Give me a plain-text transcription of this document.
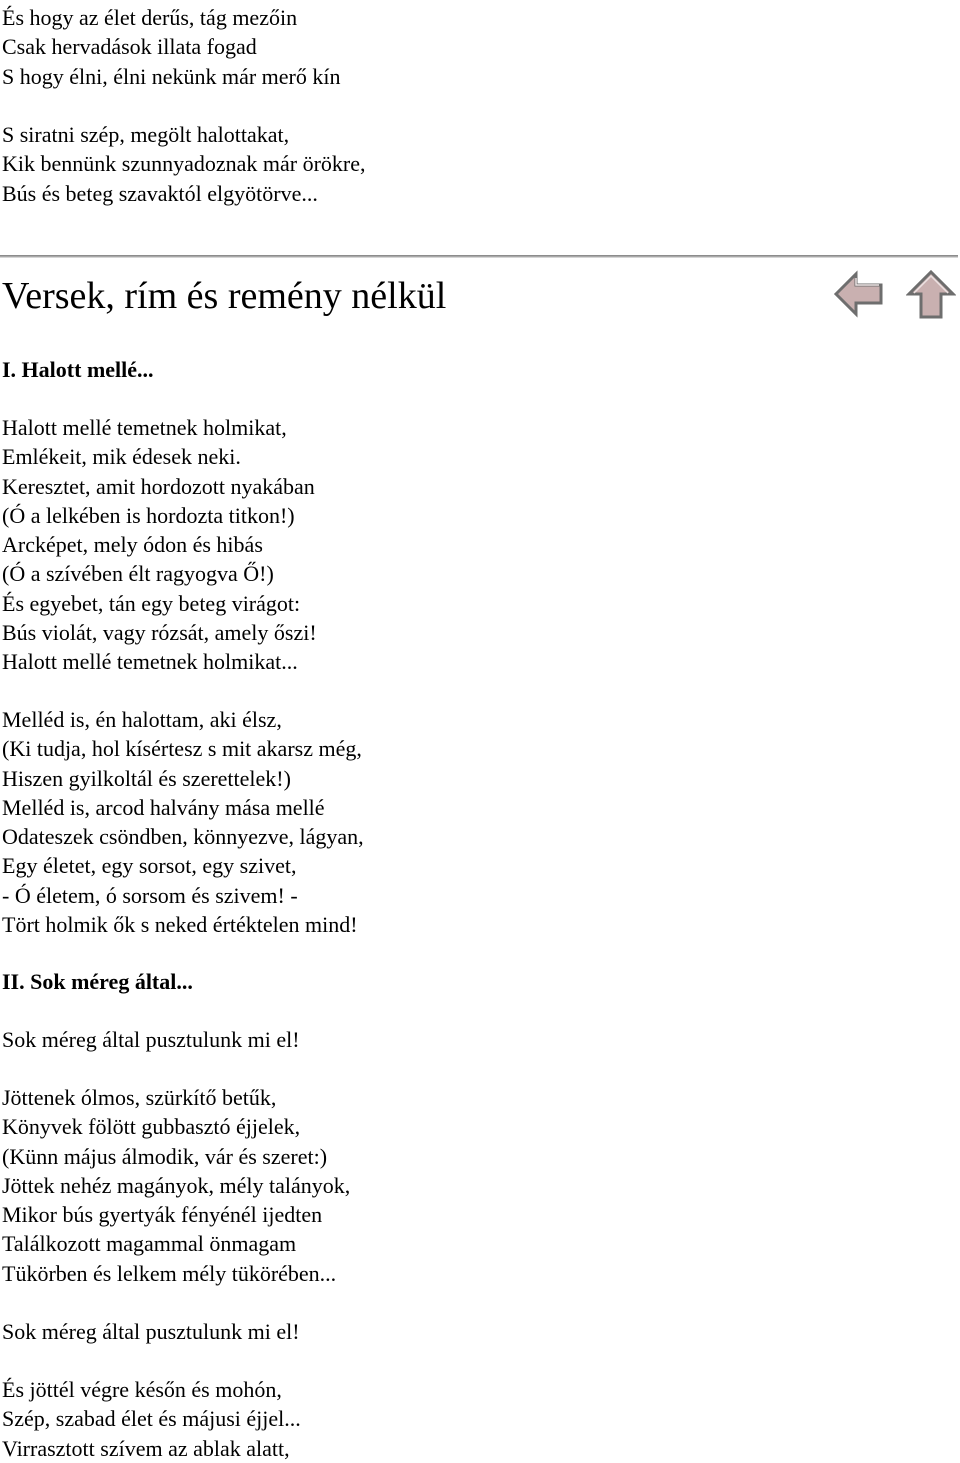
És hogy az élet derűs, tág mezőin
Csak hervadások illata fogad
S hogy élni, élni nekünk már merő kín
S siratni szép, megölt halottakat,
Kik bennünk szunnyadoznak már örökre,
Bús és beteg szavaktól elgyötörve...
Versek, rím és remény nélkül
I. Halott mellé...
Halott mellé temetnek holmikat,
Emlékeit, mik édesek neki.
Keresztet, amit hordozott nyakában
(Ó a lelkében is hordozta titkon!)
Arcképet, mely ódon és hibás
(Ó a szívében élt ragyogva Ő!)
És egyebet, tán egy beteg virágot:
Bús violát, vagy rózsát, amely őszi!
Halott mellé temetnek holmikat...
Melléd is, én halottam, aki élsz,
(Ki tudja, hol kísértesz s mit akarsz még,
Hiszen gyilkoltál és szerettelek!)
Melléd is, arcod halvány mása mellé
Odateszek csöndben, könnyezve, lágyan,
Egy életet, egy sorsot, egy szivet,
- Ó életem, ó sorsom és szivem! -
Tört holmik ők s neked értéktelen mind!
II. Sok méreg által...
Sok méreg által pusztulunk mi el!
Jöttenek ólmos, szürkítő betűk,
Könyvek fölött gubbasztó éjjelek,
(Künn május álmodik, vár és szeret:)
Jöttek nehéz magányok, mély talányok,
Mikor bús gyertyák fényénél ijedten
Találkozott magammal önmagam
Tükörben és lelkem mély tükörében...
Sok méreg által pusztulunk mi el!
És jöttél végre későn és mohón,
Szép, szabad élet és májusi éjjel...
Virrasztott szívem az ablak alatt,
